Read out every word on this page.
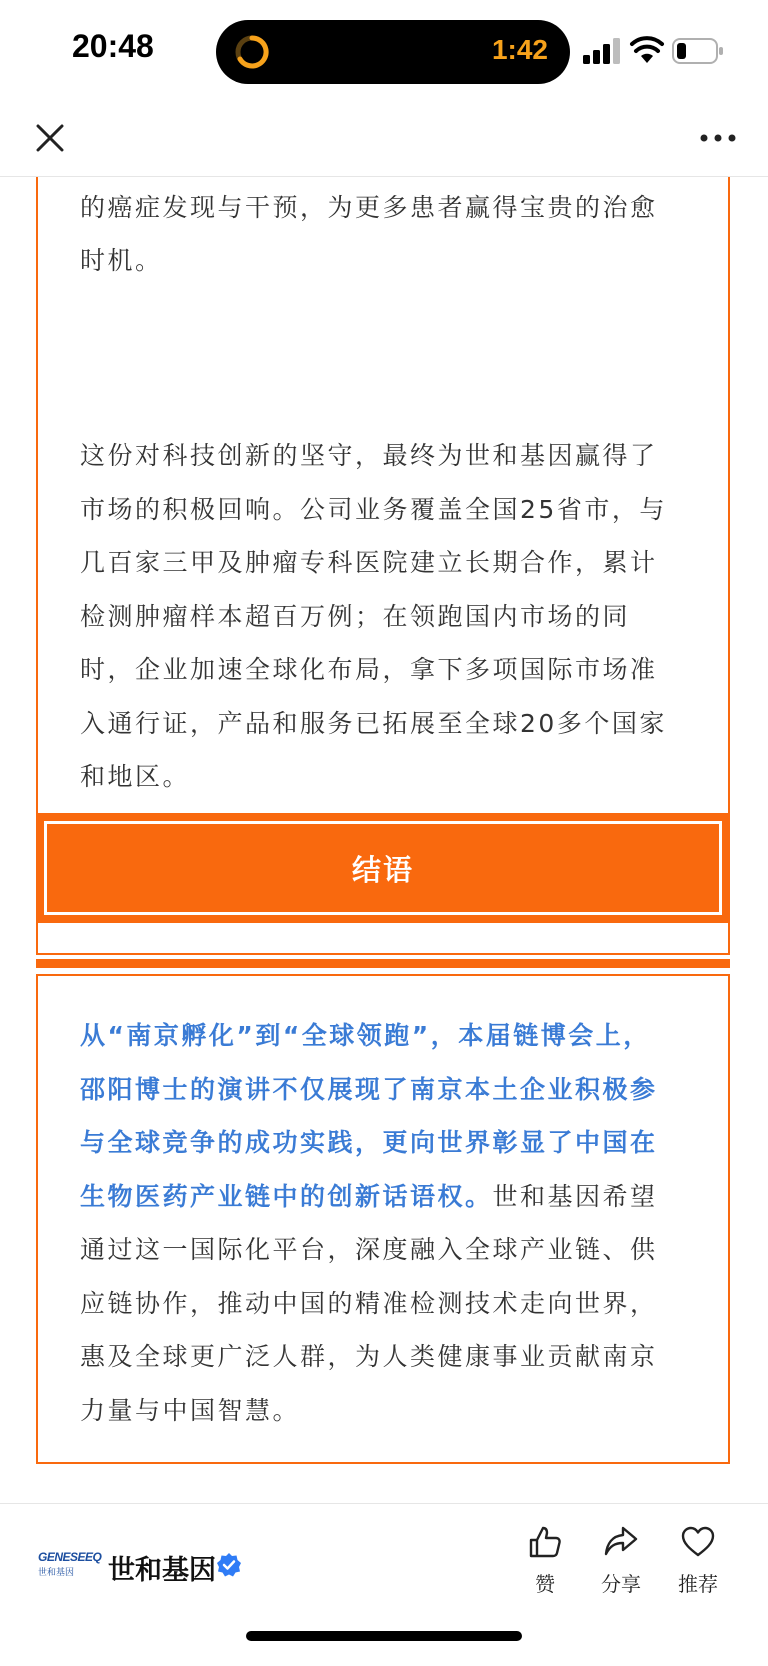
20:48	1:42
的癌症发现与干预，为更多患者赢得宝贵的治愈
时机。
这份对科技创新的坚守，最终为世和基因赢得了
市场的积极回响。公司业务覆盖全国25省市，与
几百家三甲及肿瘤专科医院建立长期合作，累计
检测肿瘤样本超百万例；在领跑国内市场的同
时，企业加速全球化布局，拿下多项国际市场准
入通行证，产品和服务已拓展至全球20多个国家
和地区。
结语
从“南京孵化”到“全球领跑”，本届链博会上，
邵阳博士的演讲不仅展现了南京本土企业积极参
与全球竞争的成功实践，更向世界彰显了中国在
生物医药产业链中的创新话语权。世和基因希望
通过这一国际化平台，深度融入全球产业链、供
应链协作，推动中国的精准检测技术走向世界，
惠及全球更广泛人群，为人类健康事业贡献南京
力量与中国智慧。
GENESEEQ
世和基因	世和基因	赞	分享	推荐
